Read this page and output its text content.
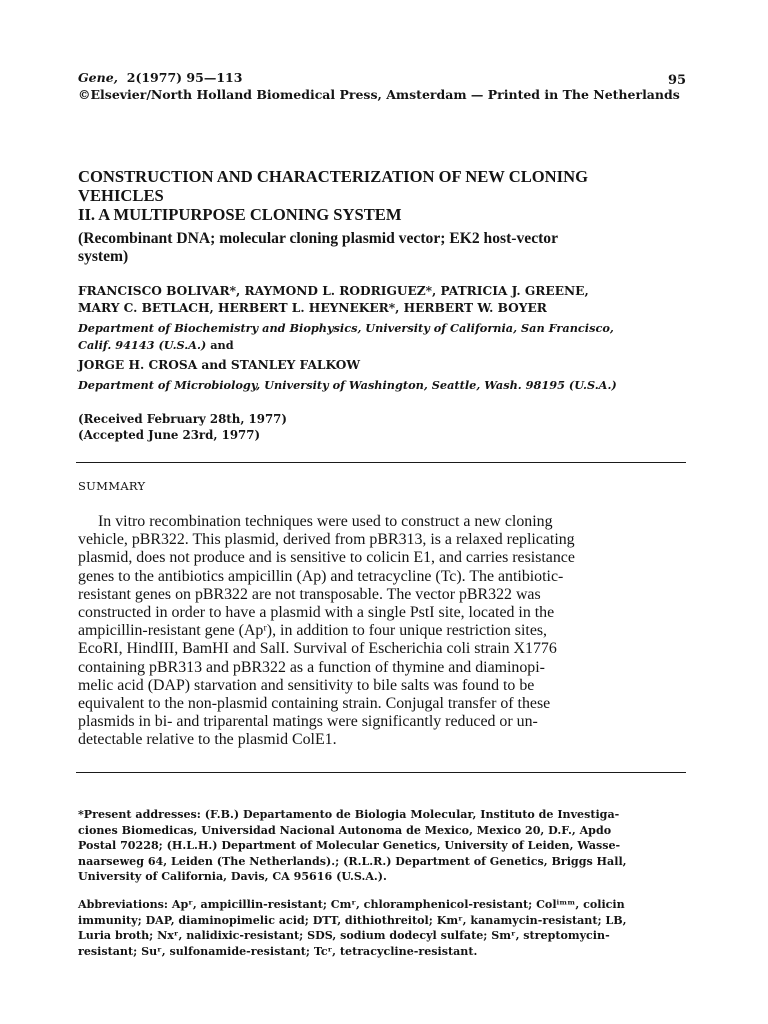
Gene, 2(1977) 95—113	95
©Elsevier/North Holland Biomedical Press, Amsterdam — Printed in The Netherlands
CONSTRUCTION AND CHARACTERIZATION OF NEW CLONING
VEHICLES
II. A MULTIPURPOSE CLONING SYSTEM
(Recombinant DNA; molecular cloning plasmid vector; EK2 host-vector
system)
FRANCISCO BOLIVAR*, RAYMOND L. RODRIGUEZ*, PATRICIA J. GREENE,
MARY C. BETLACH, HERBERT L. HEYNEKER*, HERBERT W. BOYER
Department of Biochemistry and Biophysics, University of California, San Francisco,
Calif. 94143 (U.S.A.) and
JORGE H. CROSA and STANLEY FALKOW
Department of Microbiology, University of Washington, Seattle, Wash. 98195 (U.S.A.)
(Received February 28th, 1977)
(Accepted June 23rd, 1977)
SUMMARY
In vitro recombination techniques were used to construct a new cloning
vehicle, pBR322. This plasmid, derived from pBR313, is a relaxed replicating
plasmid, does not produce and is sensitive to colicin E1, and carries resistance
genes to the antibiotics ampicillin (Ap) and tetracycline (Tc). The antibiotic-
resistant genes on pBR322 are not transposable. The vector pBR322 was
constructed in order to have a plasmid with a single PstI site, located in the
ampicillin-resistant gene (Apʳ), in addition to four unique restriction sites,
EcoRI, HindIII, BamHI and SalI. Survival of Escherichia coli strain X1776
containing pBR313 and pBR322 as a function of thymine and diaminopi-
melic acid (DAP) starvation and sensitivity to bile salts was found to be
equivalent to the non-plasmid containing strain. Conjugal transfer of these
plasmids in bi- and triparental matings were significantly reduced or un-
detectable relative to the plasmid ColE1.
*Present addresses: (F.B.) Departamento de Biologia Molecular, Instituto de Investiga-
ciones Biomedicas, Universidad Nacional Autonoma de Mexico, Mexico 20, D.F., Apdo
Postal 70228; (H.L.H.) Department of Molecular Genetics, University of Leiden, Wasse-
naarseweg 64, Leiden (The Netherlands).; (R.L.R.) Department of Genetics, Briggs Hall,
University of California, Davis, CA 95616 (U.S.A.).
Abbreviations: Apʳ, ampicillin-resistant; Cmʳ, chloramphenicol-resistant; Colⁱᵐᵐ, colicin
immunity; DAP, diaminopimelic acid; DTT, dithiothreitol; Kmʳ, kanamycin-resistant; LB,
Luria broth; Nxʳ, nalidixic-resistant; SDS, sodium dodecyl sulfate; Smʳ, streptomycin-
resistant; Suʳ, sulfonamide-resistant; Tcʳ, tetracycline-resistant.
